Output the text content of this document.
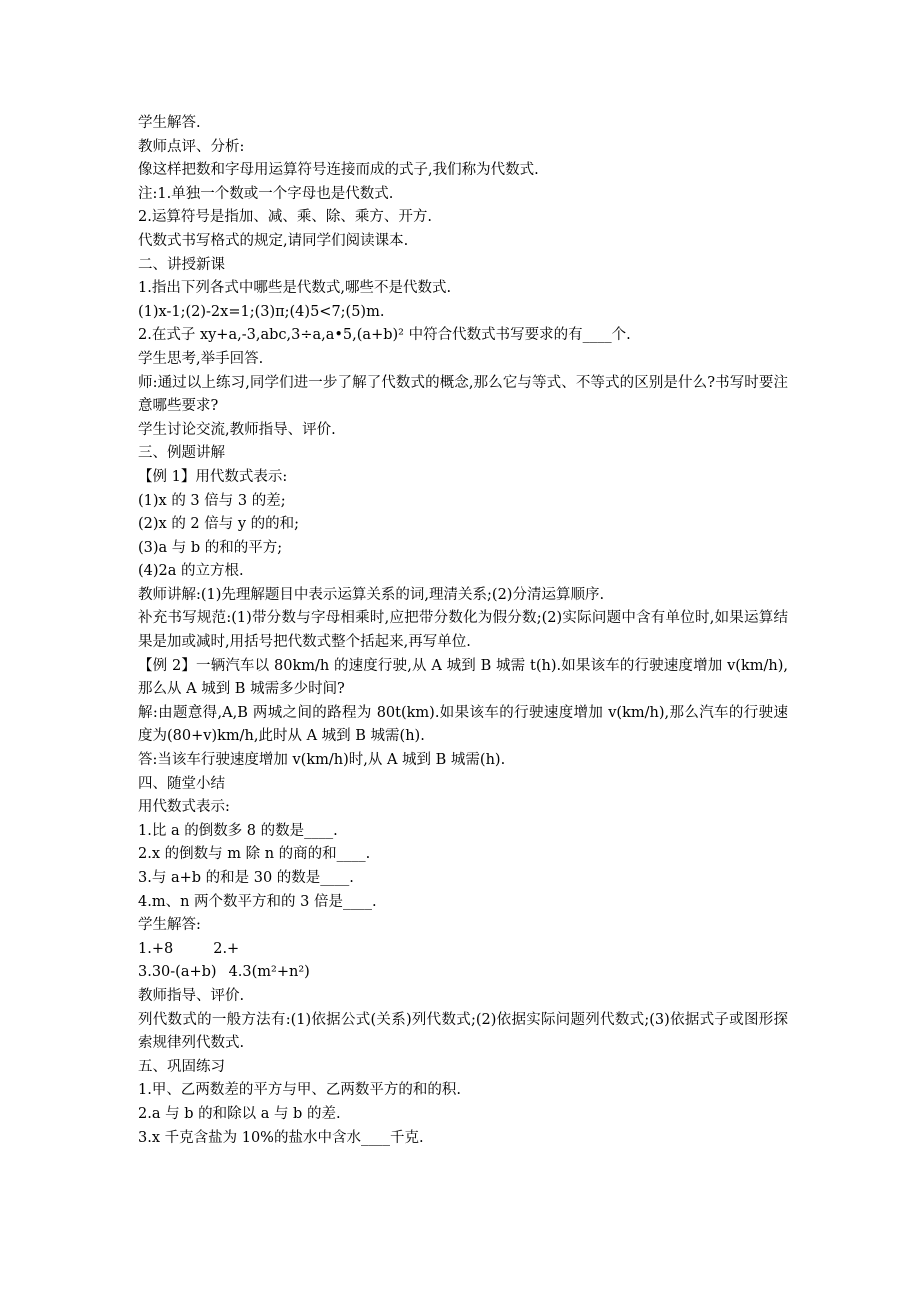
学生解答.
教师点评、分析:
像这样把数和字母用运算符号连接而成的式子,我们称为代数式.
注:1.单独一个数或一个字母也是代数式.
2.运算符号是指加、减、乘、除、乘方、开方.
代数式书写格式的规定,请同学们阅读课本.
二、讲授新课
1.指出下列各式中哪些是代数式,哪些不是代数式.
(1)x-1;(2)-2x=1;(3)π;(4)5<7;(5)m.
2.在式子 xy+a,-3,abc,3÷a,a•5,(a+b)² 中符合代数式书写要求的有____个.
学生思考,举手回答.
师:通过以上练习,同学们进一步了解了代数式的概念,那么它与等式、不等式的区别是什么?书写时要注意哪些要求?
学生讨论交流,教师指导、评价.
三、例题讲解
【例 1】用代数式表示:
(1)x 的 3 倍与 3 的差;
(2)x 的 2 倍与 y 的的和;
(3)a 与 b 的和的平方;
(4)2a 的立方根.
教师讲解:(1)先理解题目中表示运算关系的词,理清关系;(2)分清运算顺序.
补充书写规范:(1)带分数与字母相乘时,应把带分数化为假分数;(2)实际问题中含有单位时,如果运算结果是加或减时,用括号把代数式整个括起来,再写单位.
【例 2】一辆汽车以 80km/h 的速度行驶,从 A 城到 B 城需 t(h).如果该车的行驶速度增加 v(km/h),那么从 A 城到 B 城需多少时间?
解:由题意得,A,B 两城之间的路程为 80t(km).如果该车的行驶速度增加 v(km/h),那么汽车的行驶速度为(80+v)km/h,此时从 A 城到 B 城需(h).
答:当该车行驶速度增加 v(km/h)时,从 A 城到 B 城需(h).
四、随堂小结
用代数式表示:
1.比 a 的倒数多 8 的数是____.
2.x 的倒数与 m 除 n 的商的和____.
3.与 a+b 的和是 30 的数是____.
4.m、n 两个数平方和的 3 倍是____.
学生解答:
1.+8	2.+
3.30-(a+b) 4.3(m²+n²)
教师指导、评价.
列代数式的一般方法有:(1)依据公式(关系)列代数式;(2)依据实际问题列代数式;(3)依据式子或图形探索规律列代数式.
五、巩固练习
1.甲、乙两数差的平方与甲、乙两数平方的和的积.
2.a 与 b 的和除以 a 与 b 的差.
3.x 千克含盐为 10%的盐水中含水____千克.
